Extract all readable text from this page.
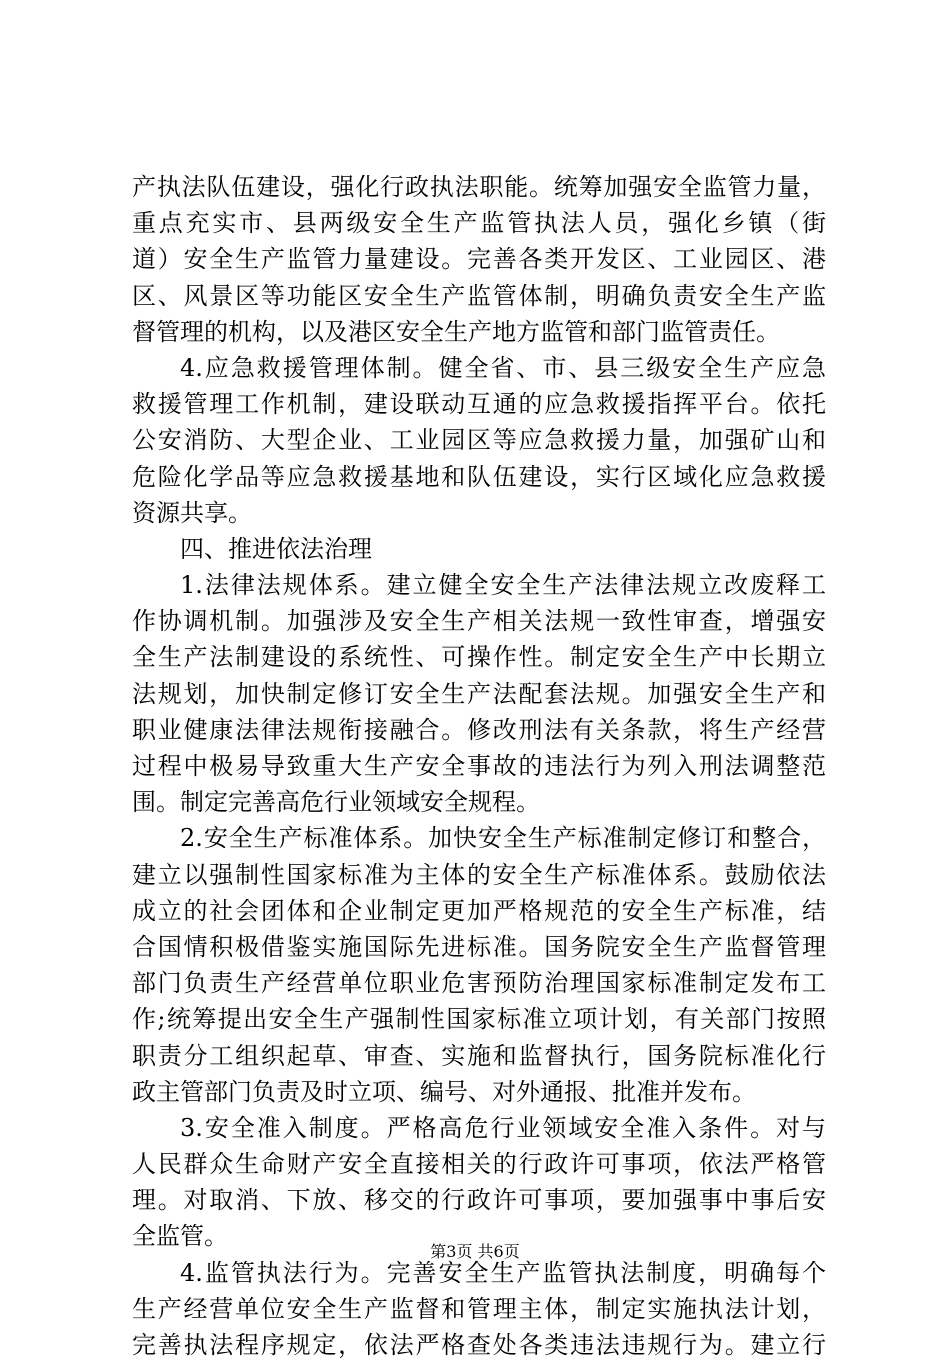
产执法队伍建设，强化行政执法职能。统筹加强安全监管力量，
重点充实市、县两级安全生产监管执法人员，强化乡镇（街
道）安全生产监管力量建设。完善各类开发区、工业园区、港
区、风景区等功能区安全生产监管体制，明确负责安全生产监
督管理的机构，以及港区安全生产地方监管和部门监管责任。
4.应急救援管理体制。健全省、市、县三级安全生产应急
救援管理工作机制，建设联动互通的应急救援指挥平台。依托
公安消防、大型企业、工业园区等应急救援力量，加强矿山和
危险化学品等应急救援基地和队伍建设，实行区域化应急救援
资源共享。
四、推进依法治理
1.法律法规体系。建立健全安全生产法律法规立改废释工
作协调机制。加强涉及安全生产相关法规一致性审查，增强安
全生产法制建设的系统性、可操作性。制定安全生产中长期立
法规划，加快制定修订安全生产法配套法规。加强安全生产和
职业健康法律法规衔接融合。修改刑法有关条款，将生产经营
过程中极易导致重大生产安全事故的违法行为列入刑法调整范
围。制定完善高危行业领域安全规程。
2.安全生产标准体系。加快安全生产标准制定修订和整合，
建立以强制性国家标准为主体的安全生产标准体系。鼓励依法
成立的社会团体和企业制定更加严格规范的安全生产标准，结
合国情积极借鉴实施国际先进标准。国务院安全生产监督管理
部门负责生产经营单位职业危害预防治理国家标准制定发布工
作;统筹提出安全生产强制性国家标准立项计划，有关部门按照
职责分工组织起草、审查、实施和监督执行，国务院标准化行
政主管部门负责及时立项、编号、对外通报、批准并发布。
3.安全准入制度。严格高危行业领域安全准入条件。对与
人民群众生命财产安全直接相关的行政许可事项，依法严格管
理。对取消、下放、移交的行政许可事项，要加强事中事后安
全监管。
4.监管执法行为。完善安全生产监管执法制度，明确每个
生产经营单位安全生产监督和管理主体，制定实施执法计划，
完善执法程序规定，依法严格查处各类违法违规行为。建立行
第3页 共6页
